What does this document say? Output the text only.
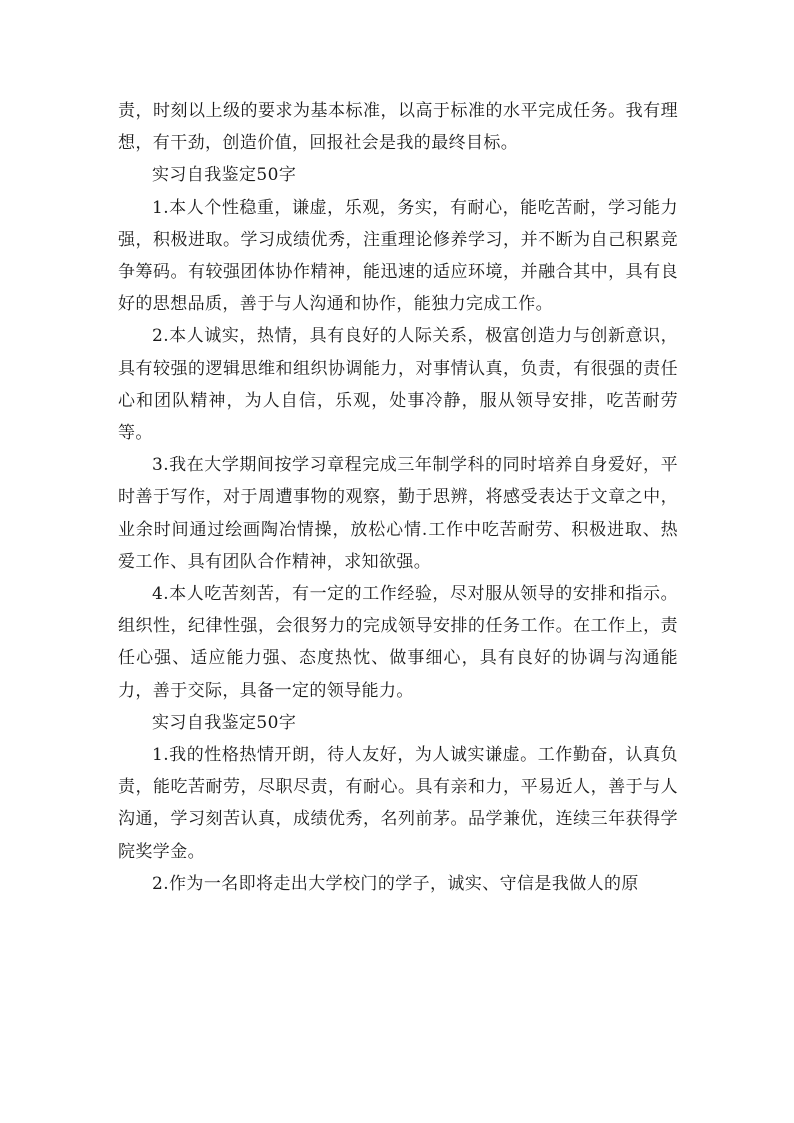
责，时刻以上级的要求为基本标准，以高于标准的水平完成任务。我有理想，有干劲，创造价值，回报社会是我的最终目标。

实习自我鉴定50字

1.本人个性稳重，谦虚，乐观，务实，有耐心，能吃苦耐，学习能力强，积极进取。学习成绩优秀，注重理论修养学习，并不断为自己积累竞争筹码。有较强团体协作精神，能迅速的适应环境，并融合其中，具有良好的思想品质，善于与人沟通和协作，能独力完成工作。

2.本人诚实，热情，具有良好的人际关系，极富创造力与创新意识，具有较强的逻辑思维和组织协调能力，对事情认真，负责，有很强的责任心和团队精神，为人自信，乐观，处事冷静，服从领导安排，吃苦耐劳等。

3.我在大学期间按学习章程完成三年制学科的同时培养自身爱好，平时善于写作，对于周遭事物的观察，勤于思辨，将感受表达于文章之中，业余时间通过绘画陶冶情操，放松心情.工作中吃苦耐劳、积极进取、热爱工作、具有团队合作精神，求知欲强。

4.本人吃苦刻苦，有一定的工作经验，尽对服从领导的安排和指示。组织性，纪律性强，会很努力的完成领导安排的任务工作。在工作上，责任心强、适应能力强、态度热忱、做事细心，具有良好的协调与沟通能力，善于交际，具备一定的领导能力。

实习自我鉴定50字

1.我的性格热情开朗，待人友好，为人诚实谦虚。工作勤奋，认真负责，能吃苦耐劳，尽职尽责，有耐心。具有亲和力，平易近人，善于与人沟通，学习刻苦认真，成绩优秀，名列前茅。品学兼优，连续三年获得学院奖学金。

2.作为一名即将走出大学校门的学子，诚实、守信是我做人的原
